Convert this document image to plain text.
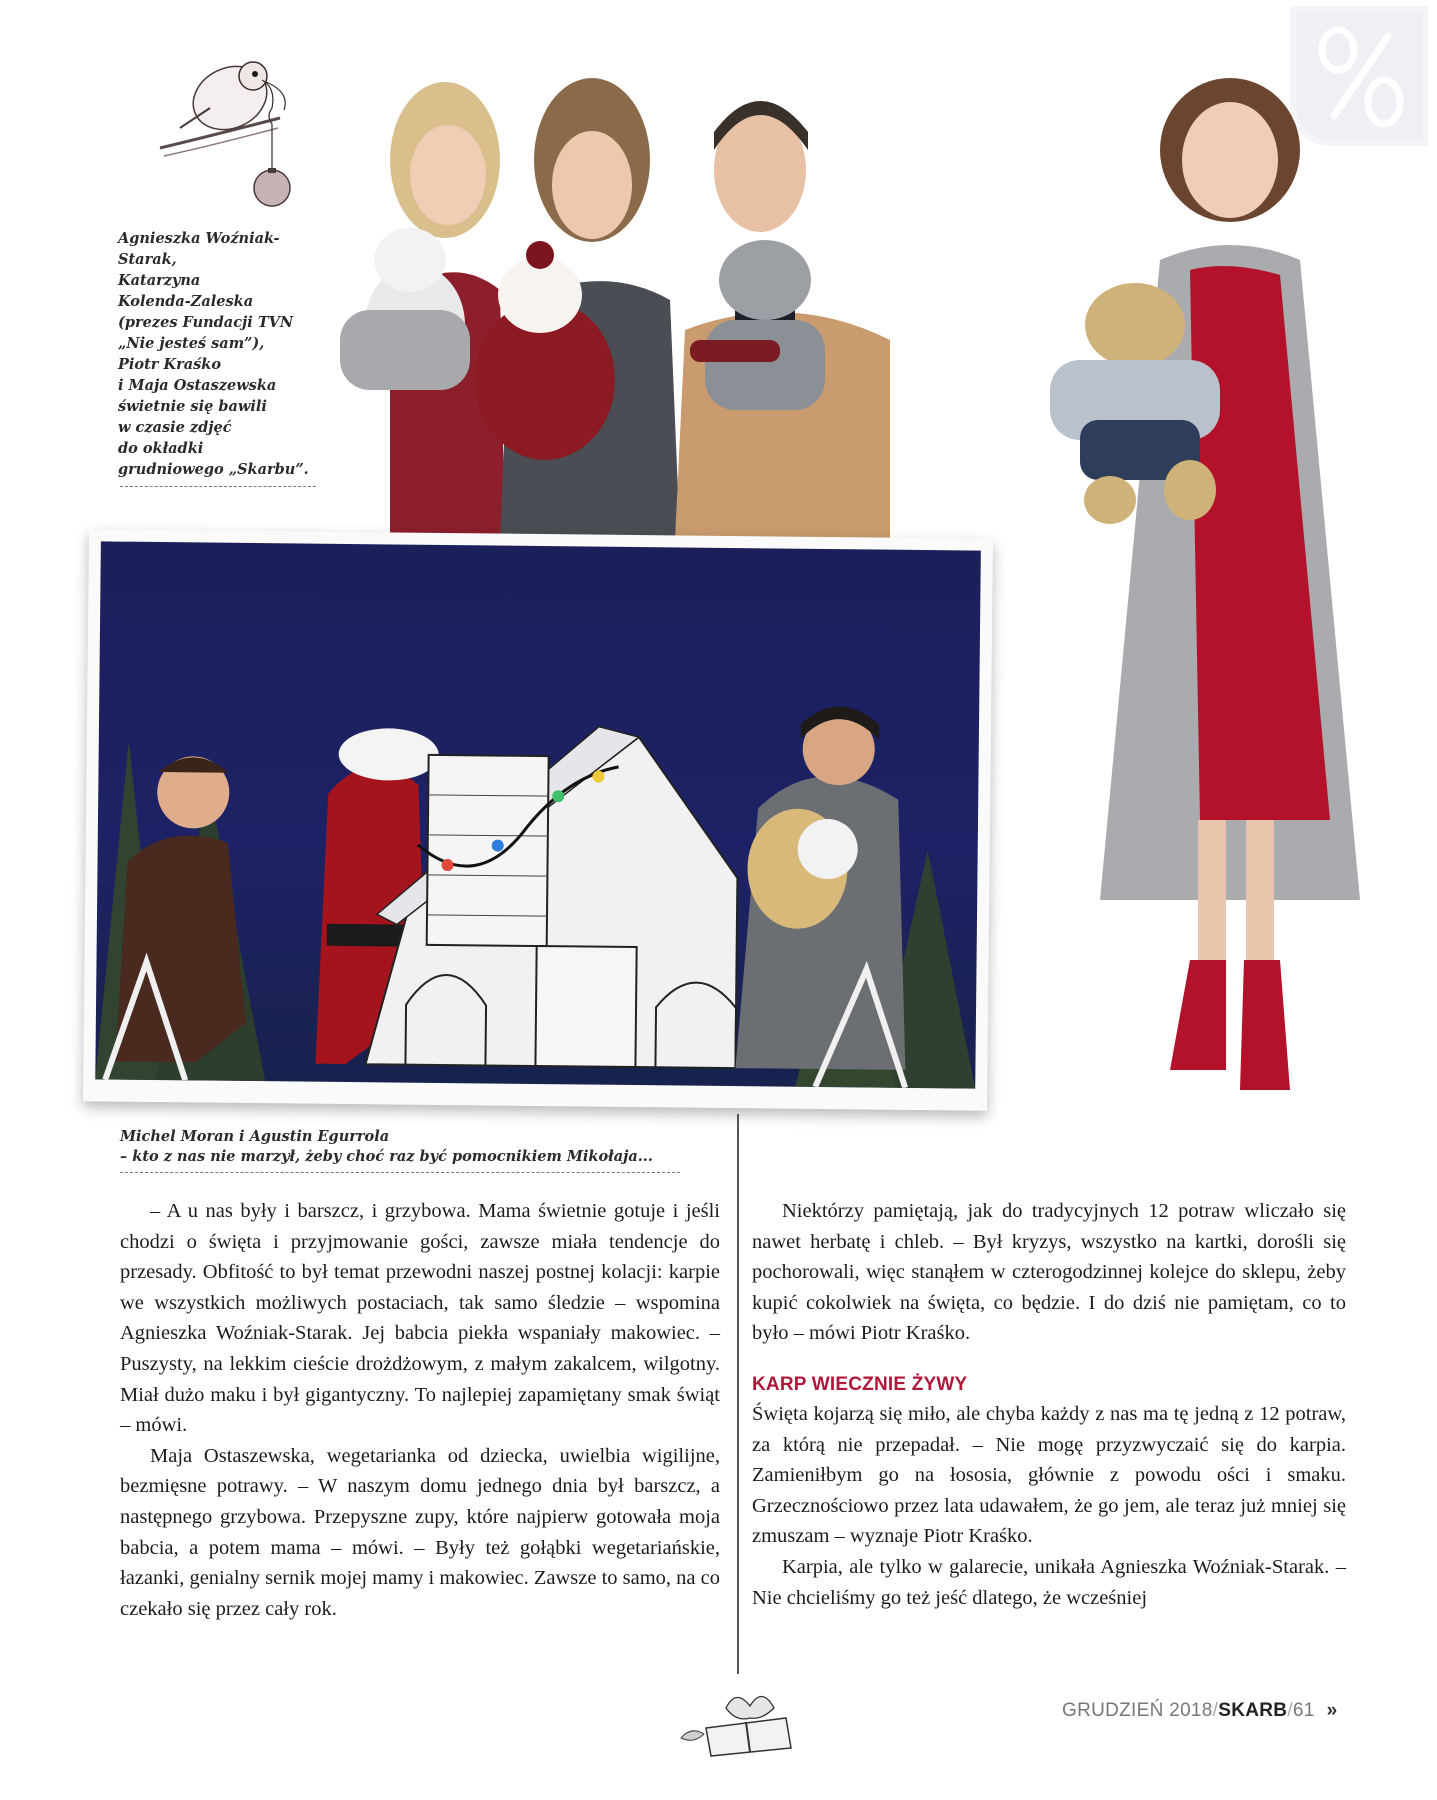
Agnieszka Woźniak-Starak,
Katarzyna
Kolenda-Zaleska
(prezes Fundacji TVN
„Nie jesteś sam”),
Piotr Kraśko
i Maja Ostaszewska
świetnie się bawili
w czasie zdjęć
do okładki
grudniowego „Skarbu”.
Michel Moran i Agustin Egurrola
– kto z nas nie marzył, żeby choć raz być pomocnikiem Mikołaja...

– A u nas były i barszcz, i grzybowa. Mama świetnie gotuje i jeśli chodzi o święta i przyjmowanie gości, zawsze miała tendencje do przesady. Obfitość to był temat przewodni naszej postnej kolacji: karpie we wszystkich możliwych postaciach, tak samo śledzie – wspomina Agnieszka Woźniak-Starak. Jej babcia piekła wspaniały makowiec. – Puszysty, na lekkim cieście drożdżowym, z małym zakalcem, wilgotny. Miał dużo maku i był gigantyczny. To najlepiej zapamiętany smak świąt – mówi.

Maja Ostaszewska, wegetarianka od dziecka, uwielbia wigilijne, bezmięsne potrawy. – W naszym domu jednego dnia był barszcz, a następnego grzybowa. Przepyszne zupy, które najpierw gotowała moja babcia, a potem mama – mówi. – Były też gołąbki wegetariańskie, łazanki, genialny sernik mojej mamy i makowiec. Zawsze to samo, na co czekało się przez cały rok.

Niektórzy pamiętają, jak do tradycyjnych 12 potraw wliczało się nawet herbatę i chleb. – Był kryzys, wszystko na kartki, dorośli się pochorowali, więc stanąłem w czterogodzinnej kolejce do sklepu, żeby kupić cokolwiek na święta, co będzie. I do dziś nie pamiętam, co to było – mówi Piotr Kraśko.

KARP WIECZNIE ŻYWY

Święta kojarzą się miło, ale chyba każdy z nas ma tę jedną z 12 potraw, za którą nie przepadał. – Nie mogę przyzwyczaić się do karpia. Zamieniłbym go na łososia, głównie z powodu ości i smaku. Grzecznościowo przez lata udawałem, że go jem, ale teraz już mniej się zmuszam – wyznaje Piotr Kraśko.

Karpia, ale tylko w galarecie, unikała Agnieszka Woźniak-Starak. – Nie chcieliśmy go też jeść dlatego, że wcześniej

GRUDZIEŃ 2018/SKARB/61 »
